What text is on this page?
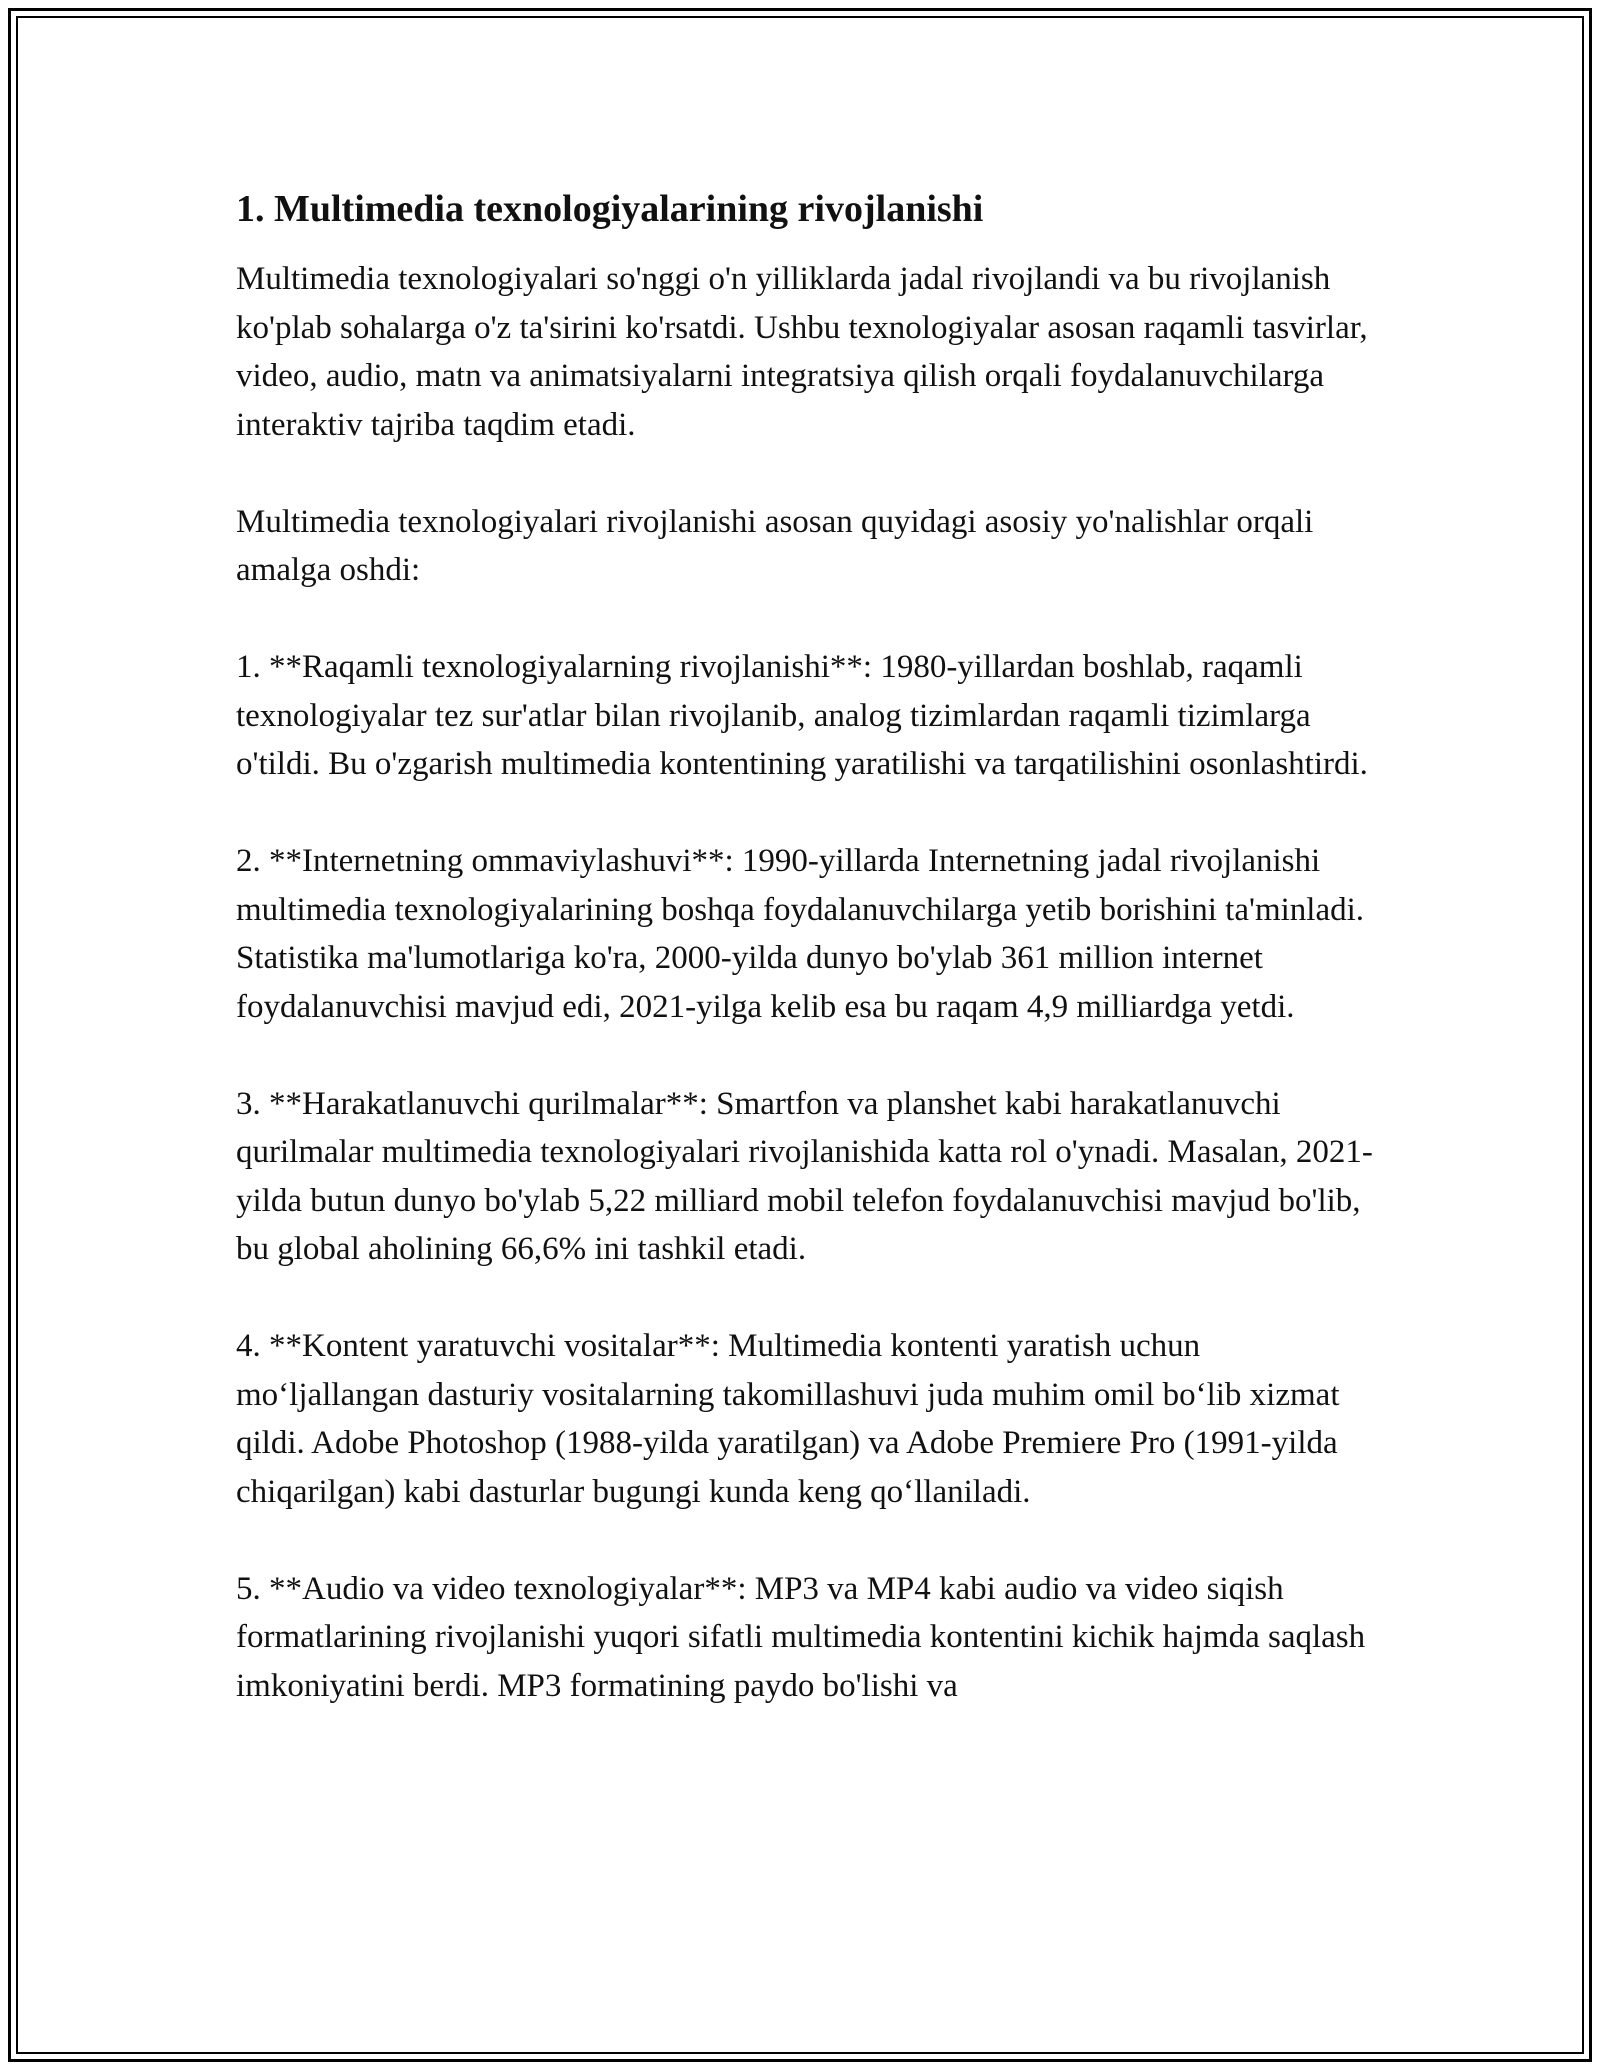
1. Multimedia texnologiyalarining rivojlanishi

Multimedia texnologiyalari so'nggi o'n yilliklarda jadal rivojlandi va bu rivojlanish ko'plab sohalarga o'z ta'sirini ko'rsatdi. Ushbu texnologiyalar asosan raqamli tasvirlar, video, audio, matn va animatsiyalarni integratsiya qilish orqali foydalanuvchilarga interaktiv tajriba taqdim etadi.

Multimedia texnologiyalari rivojlanishi asosan quyidagi asosiy yo'nalishlar orqali amalga oshdi:

1. **Raqamli texnologiyalarning rivojlanishi**: 1980-yillardan boshlab, raqamli texnologiyalar tez sur'atlar bilan rivojlanib, analog tizimlardan raqamli tizimlarga o'tildi. Bu o'zgarish multimedia kontentining yaratilishi va tarqatilishini osonlashtirdi.

2. **Internetning ommaviylashuvi**: 1990-yillarda Internetning jadal rivojlanishi multimedia texnologiyalarining boshqa foydalanuvchilarga yetib borishini ta'minladi. Statistika ma'lumotlariga ko'ra, 2000-yilda dunyo bo'ylab 361 million internet foydalanuvchisi mavjud edi, 2021-yilga kelib esa bu raqam 4,9 milliardga yetdi.

3. **Harakatlanuvchi qurilmalar**: Smartfon va planshet kabi harakatlanuvchi qurilmalar multimedia texnologiyalari rivojlanishida katta rol o'ynadi. Masalan, 2021-yilda butun dunyo bo'ylab 5,22 milliard mobil telefon foydalanuvchisi mavjud bo'lib, bu global aholining 66,6% ini tashkil etadi.

4. **Kontent yaratuvchi vositalar**: Multimedia kontenti yaratish uchun mo‘ljallangan dasturiy vositalarning takomillashuvi juda muhim omil bo‘lib xizmat qildi. Adobe Photoshop (1988-yilda yaratilgan) va Adobe Premiere Pro (1991-yilda chiqarilgan) kabi dasturlar bugungi kunda keng qo‘llaniladi.

5. **Audio va video texnologiyalar**: MP3 va MP4 kabi audio va video siqish formatlarining rivojlanishi yuqori sifatli multimedia kontentini kichik hajmda saqlash imkoniyatini berdi. MP3 formatining paydo bo'lishi va
